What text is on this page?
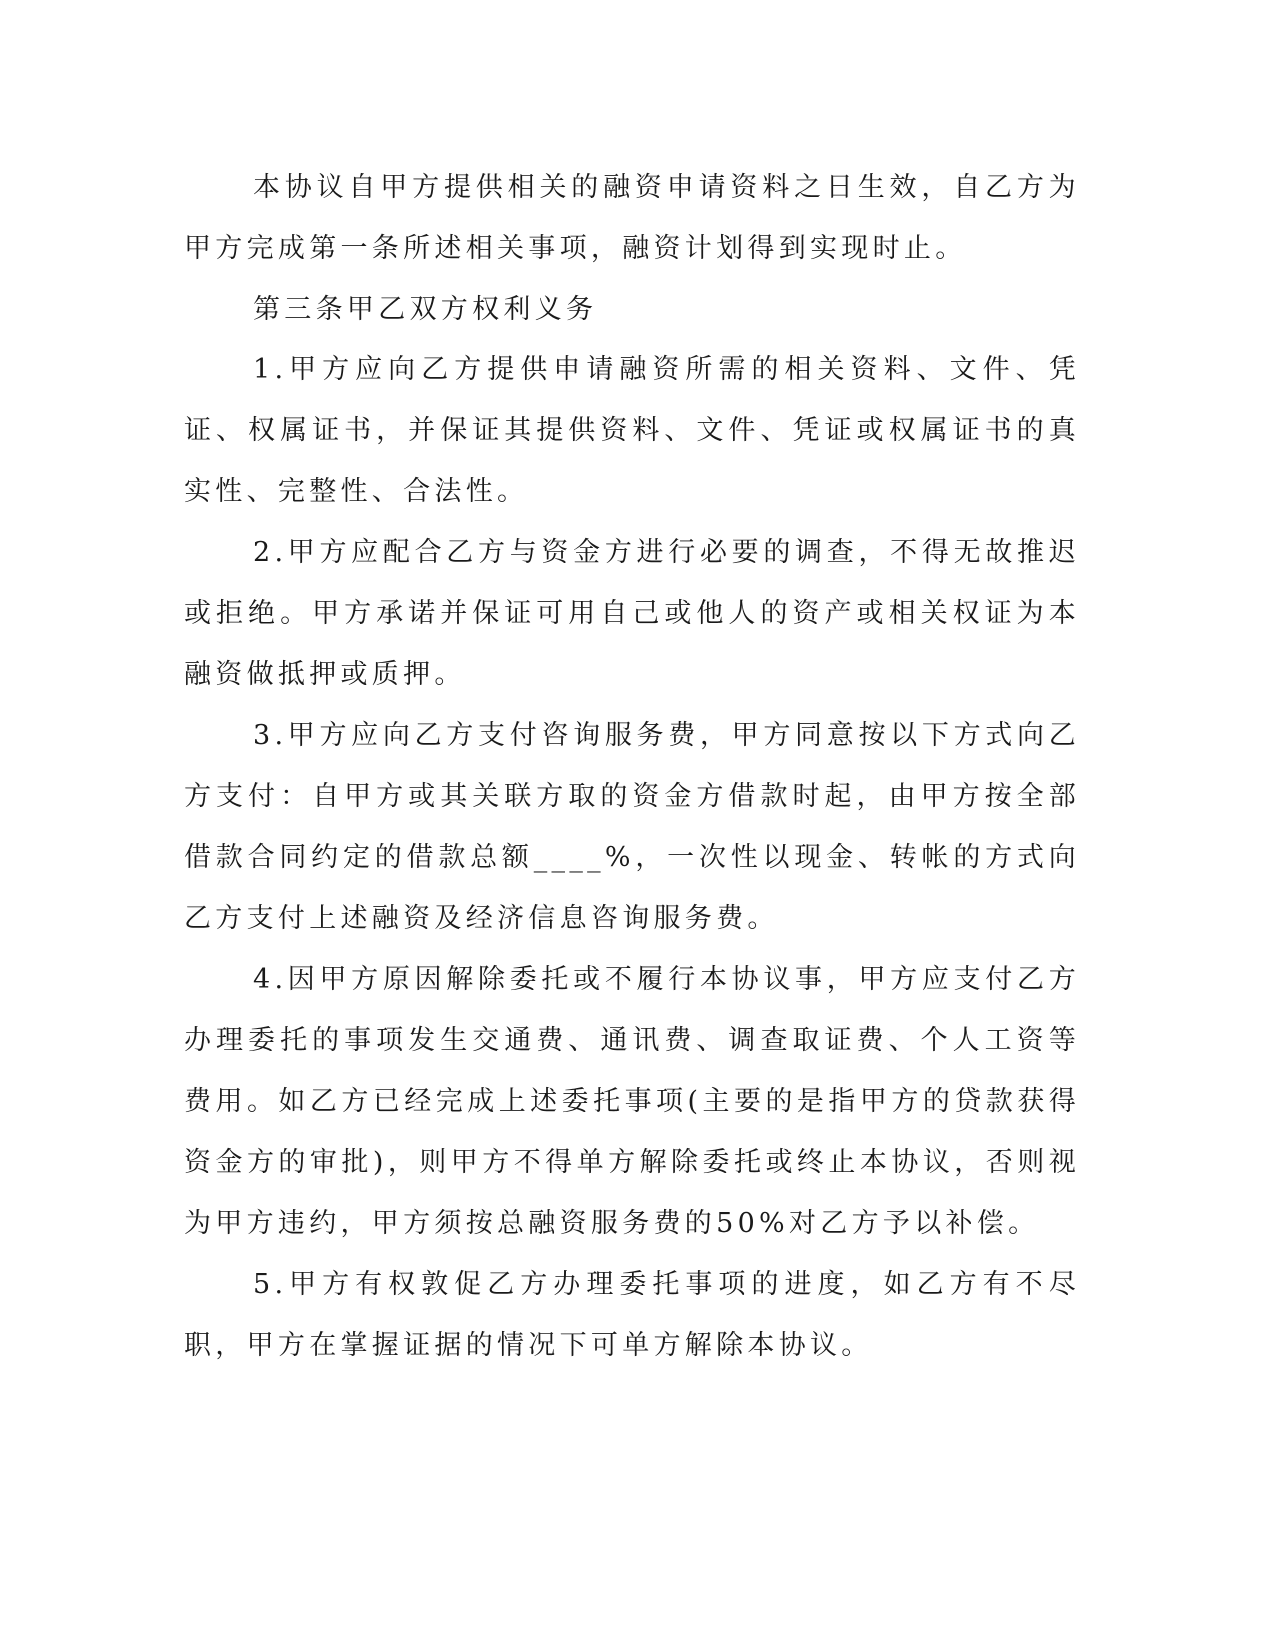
本协议自甲方提供相关的融资申请资料之日生效，自乙方为甲方完成第一条所述相关事项，融资计划得到实现时止。

第三条甲乙双方权利义务

1.甲方应向乙方提供申请融资所需的相关资料、文件、凭证、权属证书，并保证其提供资料、文件、凭证或权属证书的真实性、完整性、合法性。

2.甲方应配合乙方与资金方进行必要的调查，不得无故推迟或拒绝。甲方承诺并保证可用自己或他人的资产或相关权证为本融资做抵押或质押。

3.甲方应向乙方支付咨询服务费，甲方同意按以下方式向乙方支付：自甲方或其关联方取的资金方借款时起，由甲方按全部借款合同约定的借款总额____%，一次性以现金、转帐的方式向乙方支付上述融资及经济信息咨询服务费。

4.因甲方原因解除委托或不履行本协议事，甲方应支付乙方办理委托的事项发生交通费、通讯费、调查取证费、个人工资等费用。如乙方已经完成上述委托事项(主要的是指甲方的贷款获得资金方的审批)，则甲方不得单方解除委托或终止本协议，否则视为甲方违约，甲方须按总融资服务费的50%对乙方予以补偿。

5.甲方有权敦促乙方办理委托事项的进度，如乙方有不尽职，甲方在掌握证据的情况下可单方解除本协议。
